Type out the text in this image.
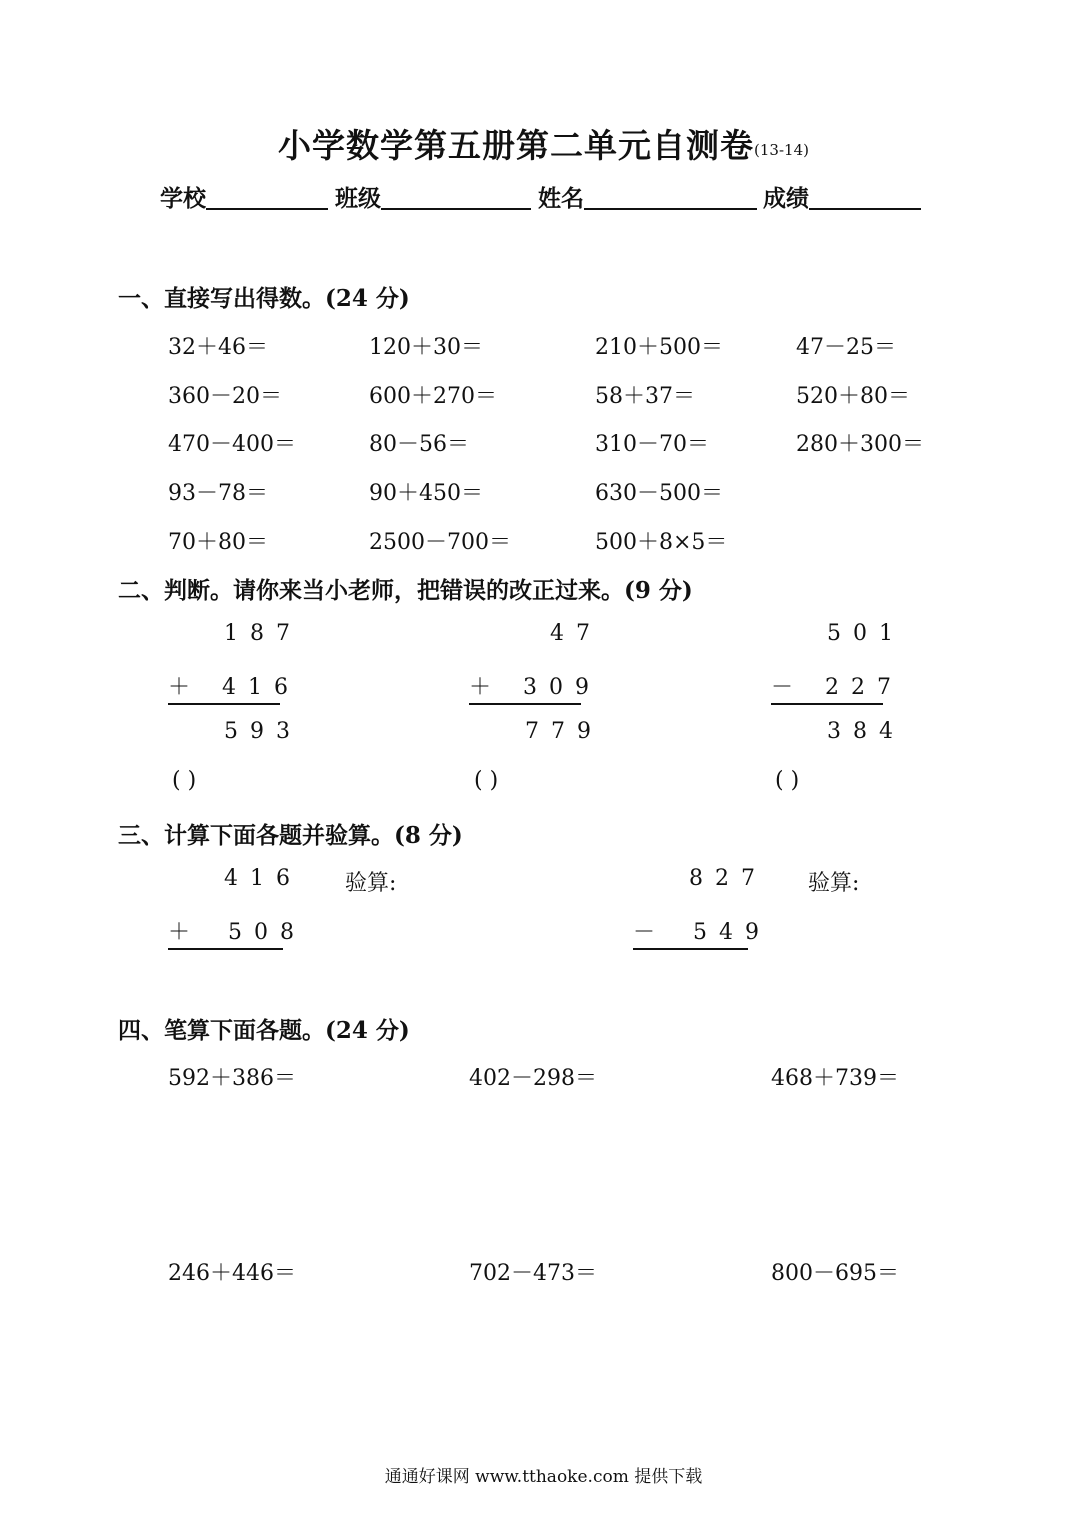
小学数学第五册第二单元自测卷(13-14)
学校	班级	姓名	成绩
一、直接写出得数。(24 分)
32＋46＝	120＋30＝	210＋500＝	47－25＝
360－20＝	600＋270＝	58＋37＝	520＋80＝
470－400＝	80－56＝	310－70＝	280＋300＝
93－78＝	90＋450＝	630－500＝
70＋80＝	2500－700＝	500＋8×5＝
二、判断。请你来当小老师，把错误的改正过来。(9 分)
187
＋ 416
593
( )
47
＋ 309
779
( )
501
－ 227
384
( )
三、计算下面各题并验算。(8 分)
416 验算:
＋ 508
827 验算:
－ 549
四、笔算下面各题。(24 分)
592＋386＝	402－298＝	468＋739＝
246＋446＝	702－473＝	800－695＝
通通好课网 www.tthaoke.com 提供下载
